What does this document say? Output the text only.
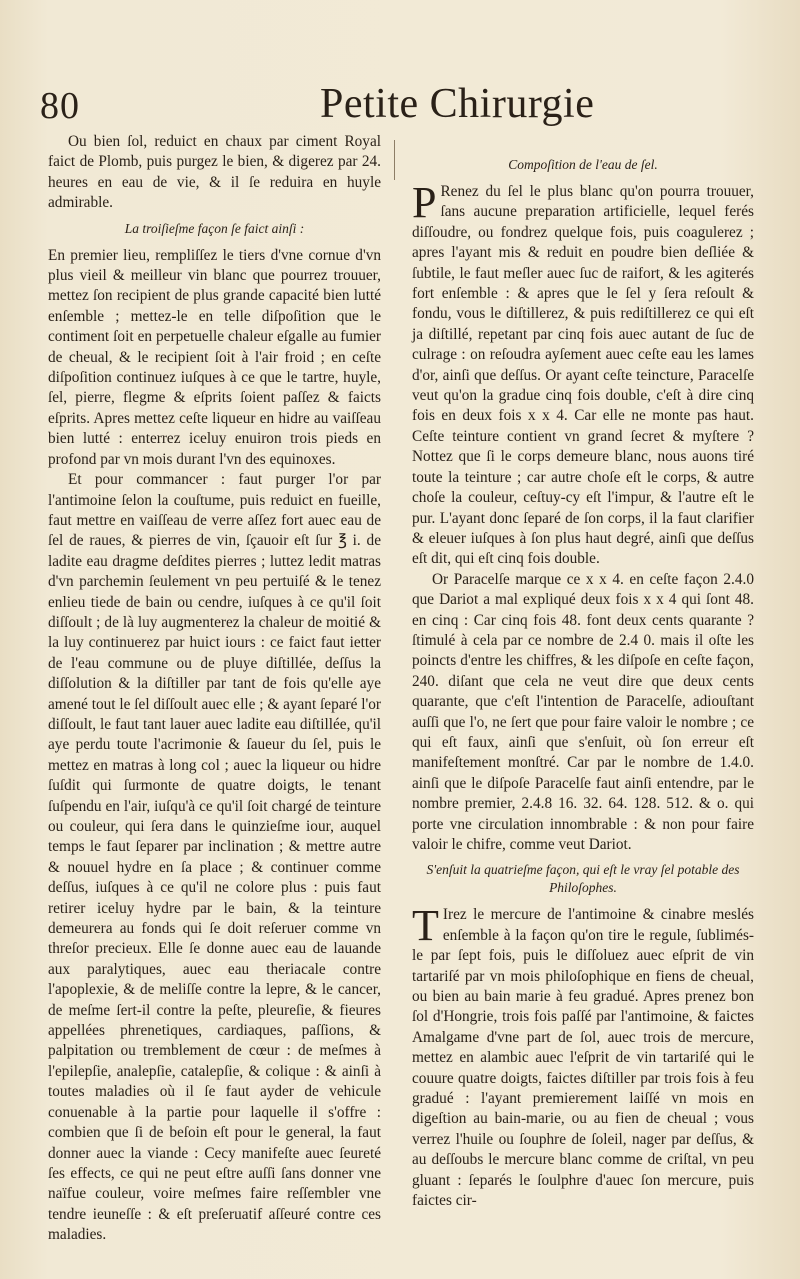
80	Petite Chirurgie

Ou bien ſol, reduict en chaux par ciment Royal faict de Plomb, puis purgez le bien, & digerez par 24. heures en eau de vie, & il ſe reduira en huyle admirable.

La troiſieſme façon ſe faict ainſi :

En premier lieu, rempliſſez le tiers d'vne cornue d'vn plus vieil & meilleur vin blanc que pourrez trouuer, mettez ſon recipient de plus grande capacité bien lutté enſemble ; mettez-le en telle diſpoſition que le contiment ſoit en perpetuelle chaleur eſgalle au fumier de cheual, & le recipient ſoit à l'air froid ; en ceſte diſpoſition continuez iuſques à ce que le tartre, huyle, ſel, pierre, flegme & eſprits ſoient paſſez & faicts eſprits. Apres mettez ceſte liqueur en hidre au vaiſſeau bien lutté : enterrez iceluy enuiron trois pieds en profond par vn mois durant l'vn des equinoxes.

Et pour commancer : faut purger l'or par l'antimoine ſelon la couſtume, puis reduict en fueille, faut mettre en vaiſſeau de verre aſſez fort auec eau de ſel de raues, & pierres de vin, ſçauoir eſt ſur ℥ i. de ladite eau dragme deſdites pierres ; luttez ledit matras d'vn parchemin ſeulement vn peu pertuiſé & le tenez enlieu tiede de bain ou cendre, iuſques à ce qu'il ſoit diſſoult ; de là luy augmenterez la chaleur de moitié & la luy continuerez par huict iours : ce faict faut ietter de l'eau commune ou de pluye diſtillée, deſſus la diſſolution & la diſtiller par tant de fois qu'elle aye amené tout le ſel diſſoult auec elle ; & ayant ſeparé l'or diſſoult, le faut tant lauer auec ladite eau diſtillée, qu'il aye perdu toute l'acrimonie & ſaueur du ſel, puis le mettez en matras à long col ; auec la liqueur ou hidre ſuſdit qui ſurmonte de quatre doigts, le tenant ſuſpendu en l'air, iuſqu'à ce qu'il ſoit chargé de teinture ou couleur, qui ſera dans le quinzieſme iour, auquel temps le faut ſeparer par inclination ; & mettre autre & nouuel hydre en ſa place ; & continuer comme deſſus, iuſques à ce qu'il ne colore plus : puis faut retirer iceluy hydre par le bain, & la teinture demeurera au fonds qui ſe doit reſeruer comme vn threſor precieux. Elle ſe donne auec eau de lauande aux paralytiques, auec eau theriacale contre l'apoplexie, & de meliſſe contre la lepre, & le cancer, de meſme ſert-il contre la peſte, pleureſie, & fieures appellées phrenetiques, cardiaques, paſſions, & palpitation ou tremblement de cœur : de meſmes à l'epilepſie, analepſie, catalepſie, & colique : & ainſi à toutes maladies où il ſe faut ayder de vehicule conuenable à la partie pour laquelle il s'offre : combien que ſi de beſoin eſt pour le general, la faut donner auec la viande : Cecy manifeſte auec ſeureté ſes effects, ce qui ne peut eſtre auſſi ſans donner vne naïfue couleur, voire meſmes faire reſſembler vne tendre ieuneſſe : & eſt preſeruatif aſſeuré contre ces maladies.

Compoſition de l'eau de ſel.

P Renez du ſel le plus blanc qu'on pourra trouuer, ſans aucune preparation artificielle, lequel ferés diſſoudre, ou fondrez quelque fois, puis coagulerez ; apres l'ayant mis & reduit en poudre bien deſliée & ſubtile, le faut meſler auec ſuc de raifort, & les agiterés fort enſemble : & apres que le ſel y ſera reſoult & fondu, vous le diſtillerez, & puis rediſtillerez ce qui eſt ja diſtillé, repetant par cinq fois auec autant de ſuc de culrage : on reſoudra ayſement auec ceſte eau les lames d'or, ainſi que deſſus. Or ayant ceſte teincture, Paracelſe veut qu'on la gradue cinq fois double, c'eſt à dire cinq fois en deux fois x x 4. Car elle ne monte pas haut. Ceſte teinture contient vn grand ſecret & myſtere ? Nottez que ſi le corps demeure blanc, nous auons tiré toute la teinture ; car autre choſe eſt le corps, & autre choſe la couleur, ceſtuy-cy eſt l'impur, & l'autre eſt le pur. L'ayant donc ſeparé de ſon corps, il la faut clarifier & eleuer iuſques à ſon plus haut degré, ainſi que deſſus eſt dit, qui eſt cinq fois double.

Or Paracelſe marque ce x x 4. en ceſte façon 2.4.0 que Dariot a mal expliqué deux fois x x 4 qui ſont 48. en cinq : Car cinq fois 48. font deux cents quarante ? ſtimulé à cela par ce nombre de 2.4 0. mais il oſte les poincts d'entre les chiffres, & les diſpoſe en ceſte façon, 240. diſant que cela ne veut dire que deux cents quarante, que c'eſt l'intention de Paracelſe, adiouſtant auſſi que l'o, ne ſert que pour faire valoir le nombre ; ce qui eſt faux, ainſi que s'enſuit, où ſon erreur eſt manifeſtement monſtré. Car par le nombre de 1.4.0. ainſi que le diſpoſe Paracelſe faut ainſi entendre, par le nombre premier, 2.4.8 16. 32. 64. 128. 512. & o. qui porte vne circulation innombrable : & non pour faire valoir le chifre, comme veut Dariot.

S'enſuit la quatrieſme façon, qui eſt le vray ſel potable des Philoſophes.

T Irez le mercure de l'antimoine & cinabre meslés enſemble à la façon qu'on tire le regule, ſublimés-le par ſept fois, puis le diſſoluez auec eſprit de vin tartariſé par vn mois philoſophique en fiens de cheual, ou bien au bain marie à feu gradué. Apres prenez bon ſol d'Hongrie, trois fois paſſé par l'antimoine, & faictes Amalgame d'vne part de ſol, auec trois de mercure, mettez en alambic auec l'eſprit de vin tartariſé qui le couure quatre doigts, faictes diſtiller par trois fois à feu gradué : l'ayant premierement laiſſé vn mois en digeſtion au bain-marie, ou au fien de cheual ; vous verrez l'huile ou ſouphre de ſoleil, nager par deſſus, & au deſſoubs le mercure blanc comme de criſtal, vn peu gluant : ſeparés le ſoulphre d'auec ſon mercure, puis faictes cir-
